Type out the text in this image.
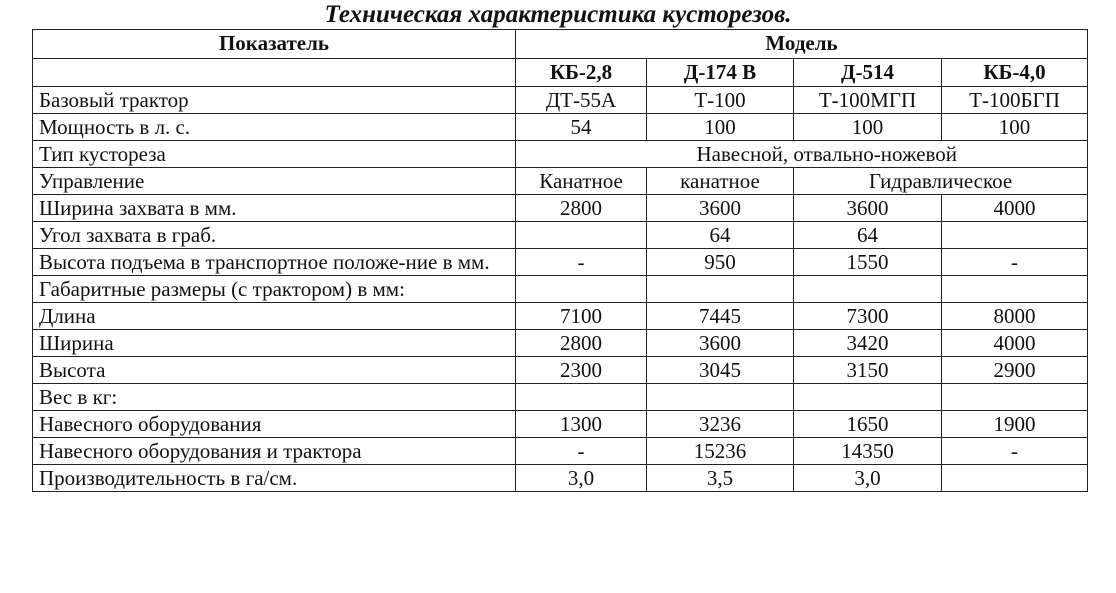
Техническая характеристика кусторезов.
Показатель	Модель			
	КБ-2,8	Д-174 В	Д-514	КБ-4,0
Базовый трактор	ДТ-55А	Т-100	Т-100МГП	Т-100БГП
Мощность в л. с.	54	100	100	100
Тип кустореза	Навесной, отвально-ножевой			
Управление	Канатное	канатное	Гидравлическое	
Ширина захвата в мм.	2800	3600	3600	4000
Угол захвата в граб.		64	64	
Высота подъема в транспортное положе-ние в мм.	-	950	1550	-
Габаритные размеры (с трактором) в мм:				
Длина	7100	7445	7300	8000
Ширина	2800	3600	3420	4000
Высота	2300	3045	3150	2900
Вес в кг:				
Навесного оборудования	1300	3236	1650	1900
Навесного оборудования и трактора	-	15236	14350	-
Производительность в га/см.	3,0	3,5	3,0	
